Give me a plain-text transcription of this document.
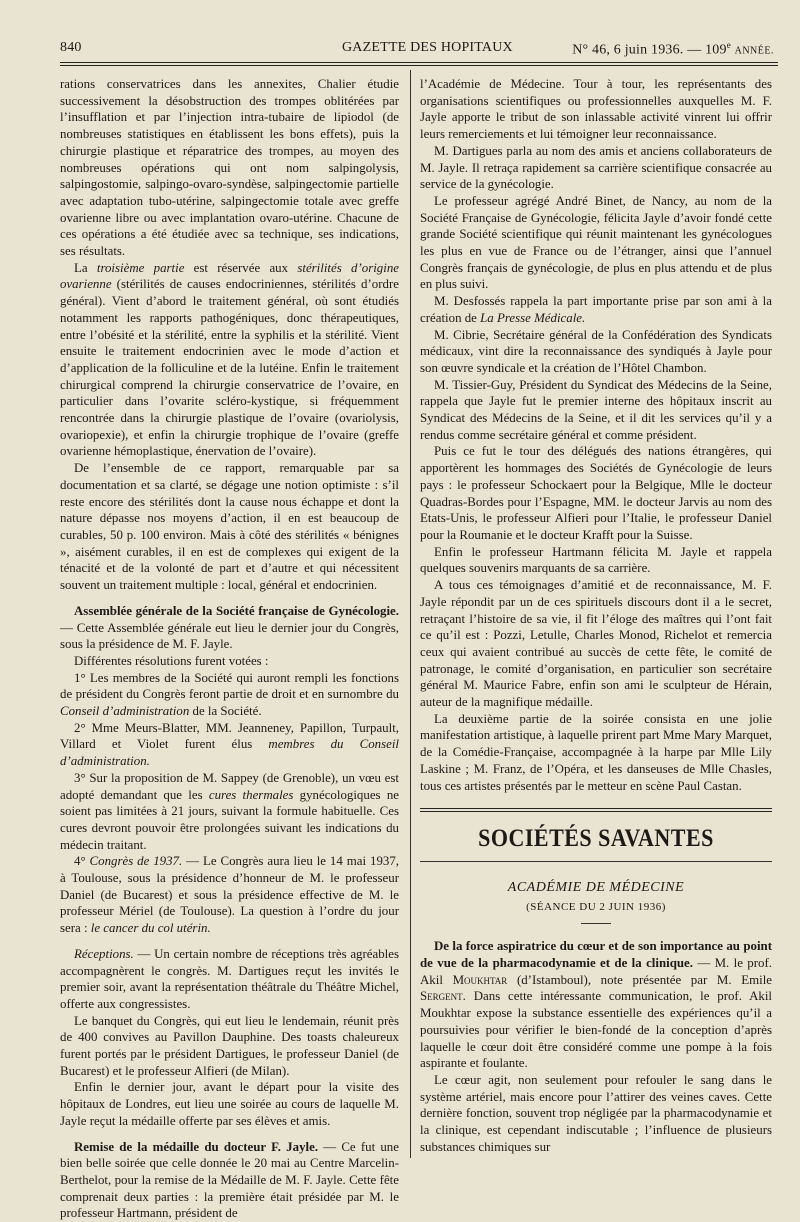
840	GAZETTE DES HOPITAUX	N° 46, 6 juin 1936. — 109e ANNÉE.

rations conservatrices dans les annexites, Chalier étudie successivement la désobstruction des trompes oblitérées par l’insufflation et par l’injection intra-tubaire de lipiodol (de nombreuses statistiques en établissent les bons effets), puis la chirurgie plastique et réparatrice des trompes, au moyen des nombreuses opérations qui ont nom salpingolysis, salpingostomie, salpingo-ovaro-syndèse, salpingectomie partielle avec adaptation tubo-utérine, salpingectomie totale avec greffe ovarienne libre ou avec implantation ovaro-utérine. Chacune de ces opérations a été étudiée avec sa technique, ses indications, ses résultats.

La troisième partie est réservée aux stérilités d’origine ovarienne (stérilités de causes endocriniennes, stérilités d’ordre général). Vient d’abord le traitement général, où sont étudiés notamment les rapports pathogéniques, donc thérapeutiques, entre l’obésité et la stérilité, entre la syphilis et la stérilité. Vient ensuite le traitement endocrinien avec le mode d’action et d’application de la folliculine et de la lutéine. Enfin le traitement chirurgical comprend la chirurgie conservatrice de l’ovaire, en particulier dans l’ovarite scléro-kystique, si fréquemment rencontrée dans la chirurgie plastique de l’ovaire (ovariolysis, ovariopexie), et enfin la chirurgie trophique de l’ovaire (greffe ovarienne hémoplastique, énervation de l’ovaire).

De l’ensemble de ce rapport, remarquable par sa documentation et sa clarté, se dégage une notion optimiste : s’il reste encore des stérilités dont la cause nous échappe et dont la nature dépasse nos moyens d’action, il en est beaucoup de curables, 50 p. 100 environ. Mais à côté des stérilités « bénignes », aisément curables, il en est de complexes qui exigent de la ténacité et de la volonté de part et d’autre et qui nécessitent souvent un traitement multiple : local, général et endocrinien.

Assemblée générale de la Société française de Gynécologie. — Cette Assemblée générale eut lieu le dernier jour du Congrès, sous la présidence de M. F. Jayle.

Différentes résolutions furent votées :

1° Les membres de la Société qui auront rempli les fonctions de président du Congrès feront partie de droit et en surnombre du Conseil d’administration de la Société.

2° Mme Meurs-Blatter, MM. Jeanneney, Papillon, Turpault, Villard et Violet furent élus membres du Conseil d’administration.

3° Sur la proposition de M. Sappey (de Grenoble), un vœu est adopté demandant que les cures thermales gynécologiques ne soient pas limitées à 21 jours, suivant la formule habituelle. Ces cures devront pouvoir être prolongées suivant les indications du médecin traitant.

4° Congrès de 1937. — Le Congrès aura lieu le 14 mai 1937, à Toulouse, sous la présidence d’honneur de M. le professeur Daniel (de Bucarest) et sous la présidence effective de M. le professeur Mériel (de Toulouse). La question à l’ordre du jour sera : le cancer du col utérin.

Réceptions. — Un certain nombre de réceptions très agréables accompagnèrent le congrès. M. Dartigues reçut les invités le premier soir, avant la représentation théâtrale du Théâtre Michel, offerte aux congressistes.

Le banquet du Congrès, qui eut lieu le lendemain, réunit près de 400 convives au Pavillon Dauphine. Des toasts chaleureux furent portés par le président Dartigues, le professeur Daniel (de Bucarest) et le professeur Alfieri (de Milan).

Enfin le dernier jour, avant le départ pour la visite des hôpitaux de Londres, eut lieu une soirée au cours de laquelle M. Jayle reçut la médaille offerte par ses élèves et amis.

Remise de la médaille du docteur F. Jayle. — Ce fut une bien belle soirée que celle donnée le 20 mai au Centre Marcelin-Berthelot, pour la remise de la Médaille de M. F. Jayle. Cette fête comprenait deux parties : la première était présidée par M. le professeur Hartmann, président de

l’Académie de Médecine. Tour à tour, les représentants des organisations scientifiques ou professionnelles auxquelles M. F. Jayle apporte le tribut de son inlassable activité vinrent lui offrir leurs remerciements et lui témoigner leur reconnaissance.

M. Dartigues parla au nom des amis et anciens collaborateurs de M. Jayle. Il retraça rapidement sa carrière scientifique consacrée au service de la gynécologie.

Le professeur agrégé André Binet, de Nancy, au nom de la Société Française de Gynécologie, félicita Jayle d’avoir fondé cette grande Société scientifique qui réunit maintenant les gynécologues les plus en vue de France ou de l’étranger, ainsi que l’annuel Congrès français de gynécologie, de plus en plus attendu et de plus en plus suivi.

M. Desfossés rappela la part importante prise par son ami à la création de La Presse Médicale.

M. Cibrie, Secrétaire général de la Confédération des Syndicats médicaux, vint dire la reconnaissance des syndiqués à Jayle pour son œuvre syndicale et la création de l’Hôtel Chambon.

M. Tissier-Guy, Président du Syndicat des Médecins de la Seine, rappela que Jayle fut le premier interne des hôpitaux inscrit au Syndicat des Médecins de la Seine, et il dit les services qu’il y a rendus comme secrétaire général et comme président.

Puis ce fut le tour des délégués des nations étrangères, qui apportèrent les hommages des Sociétés de Gynécologie de leurs pays : le professeur Schockaert pour la Belgique, Mlle le docteur Quadras-Bordes pour l’Espagne, MM. le docteur Jarvis au nom des Etats-Unis, le professeur Alfieri pour l’Italie, le professeur Daniel pour la Roumanie et le docteur Krafft pour la Suisse.

Enfin le professeur Hartmann félicita M. Jayle et rappela quelques souvenirs marquants de sa carrière.

A tous ces témoignages d’amitié et de reconnaissance, M. F. Jayle répondit par un de ces spirituels discours dont il a le secret, retraçant l’histoire de sa vie, il fit l’éloge des maîtres qui l’ont fait ce qu’il est : Pozzi, Letulle, Charles Monod, Richelot et remercia ceux qui avaient contribué au succès de cette fête, le comité de patronage, le comité d’organisation, en particulier son secrétaire général M. Maurice Fabre, enfin son ami le sculpteur de Hérain, auteur de la magnifique médaille.

La deuxième partie de la soirée consista en une jolie manifestation artistique, à laquelle prirent part Mme Mary Marquet, de la Comédie-Française, accompagnée à la harpe par Mlle Lily Laskine ; M. Franz, de l’Opéra, et les danseuses de Mlle Chasles, tous ces artistes présentés par le metteur en scène Paul Castan.

SOCIÉTÉS SAVANTES
ACADÉMIE DE MÉDECINE
(SÉANCE DU 2 JUIN 1936)

De la force aspiratrice du cœur et de son importance au point de vue de la pharmacodynamie et de la clinique. — M. le prof. Akil Moukhtar (d’Istamboul), note présentée par M. Emile Sergent. Dans cette intéressante communication, le prof. Akil Moukhtar expose la substance essentielle des expériences qu’il a poursuivies pour vérifier le bien-fondé de la conception d’après laquelle le cœur doit être considéré comme une pompe à la fois aspirante et foulante.

Le cœur agit, non seulement pour refouler le sang dans le système artériel, mais encore pour l’attirer des veines caves. Cette dernière fonction, souvent trop négligée par la pharmacodynamie et la clinique, est cependant indiscutable ; l’influence de plusieurs substances chimiques sur
